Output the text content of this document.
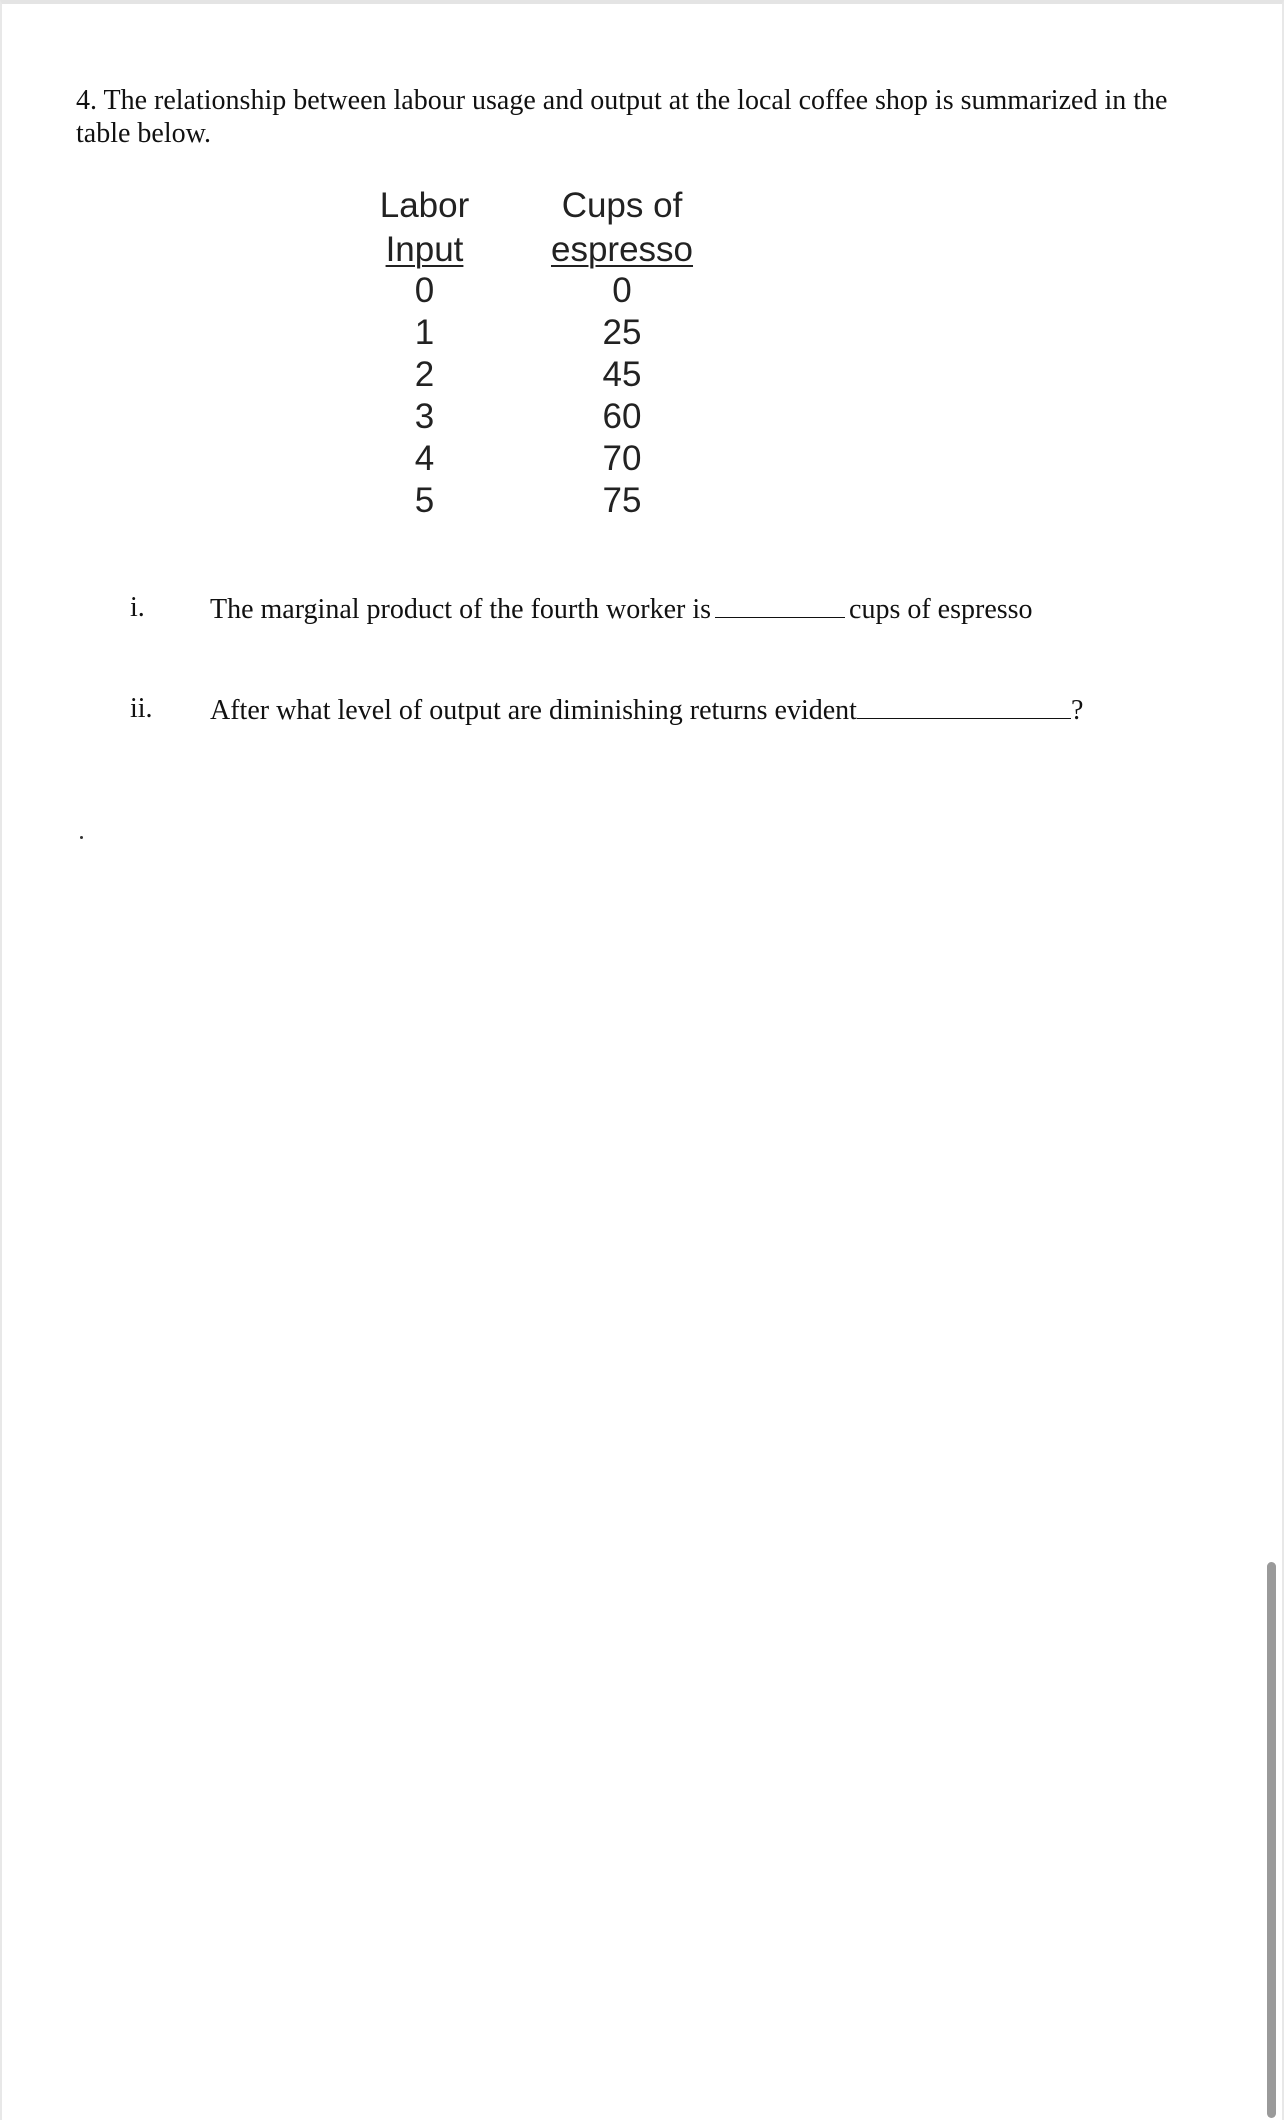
4. The relationship between labour usage and output at the local coffee shop is summarized in the table below.
Labor
Input
0
1
2
3
4
5
Cups of
espresso
0
25
45
60
70
75
i. The marginal product of the fourth worker is	cups of espresso
ii. After what level of output are diminishing returns evident	?
